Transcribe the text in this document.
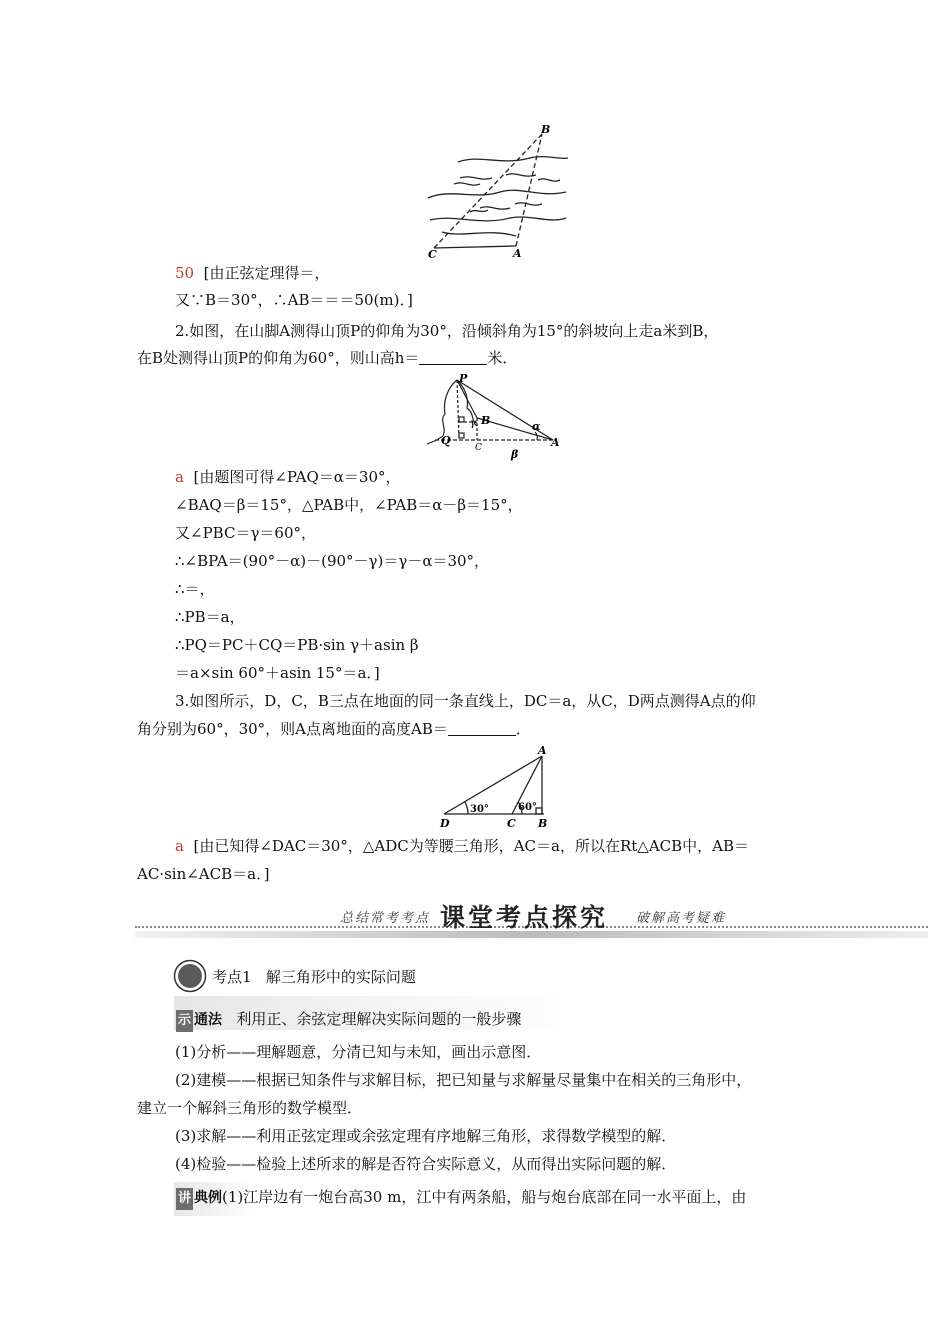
B
C	A
50 [由正弦定理得＝，
又∵B＝30°，∴AB＝＝＝50(m)．]
2.如图，在山脚A测得山顶P的仰角为30°，沿倾斜角为15°的斜坡向上走a米到B，
在B处测得山顶P的仰角为60°，则山高h＝	米．
P
B
γ	α
Q
C	A
β
a [由题图可得∠PAQ＝α＝30°，
∠BAQ＝β＝15°，△PAB中，∠PAB＝α－β＝15°，
又∠PBC＝γ＝60°，
∴∠BPA＝(90°－α)－(90°－γ)＝γ－α＝30°，
∴＝，
∴PB＝a，
∴PQ＝PC＋CQ＝PB·sin γ＋asin β
＝a×sin 60°＋asin 15°＝a．]
3.如图所示，D，C，B三点在地面的同一条直线上，DC＝a，从C，D两点测得A点的仰
角分别为60°，30°，则A点离地面的高度AB＝	．
A
D	C B
30°	60°
a [由已知得∠DAC＝30°，△ADC为等腰三角形，AC＝a，所以在Rt△ACB中，AB＝
AC·sin∠ACB＝a．]
总结常考考点 课堂考点探究 破解高考疑难
考点1 解三角形中的实际问题
示 通法 利用正、余弦定理解决实际问题的一般步骤
(1)分析——理解题意，分清已知与未知，画出示意图．
(2)建模——根据已知条件与求解目标，把已知量与求解量尽量集中在相关的三角形中，
建立一个解斜三角形的数学模型．
(3)求解——利用正弦定理或余弦定理有序地解三角形，求得数学模型的解．
(4)检验——检验上述所求的解是否符合实际意义，从而得出实际问题的解．
讲 典例(1)江岸边有一炮台高30 m，江中有两条船，船与炮台底部在同一水平面上，由
